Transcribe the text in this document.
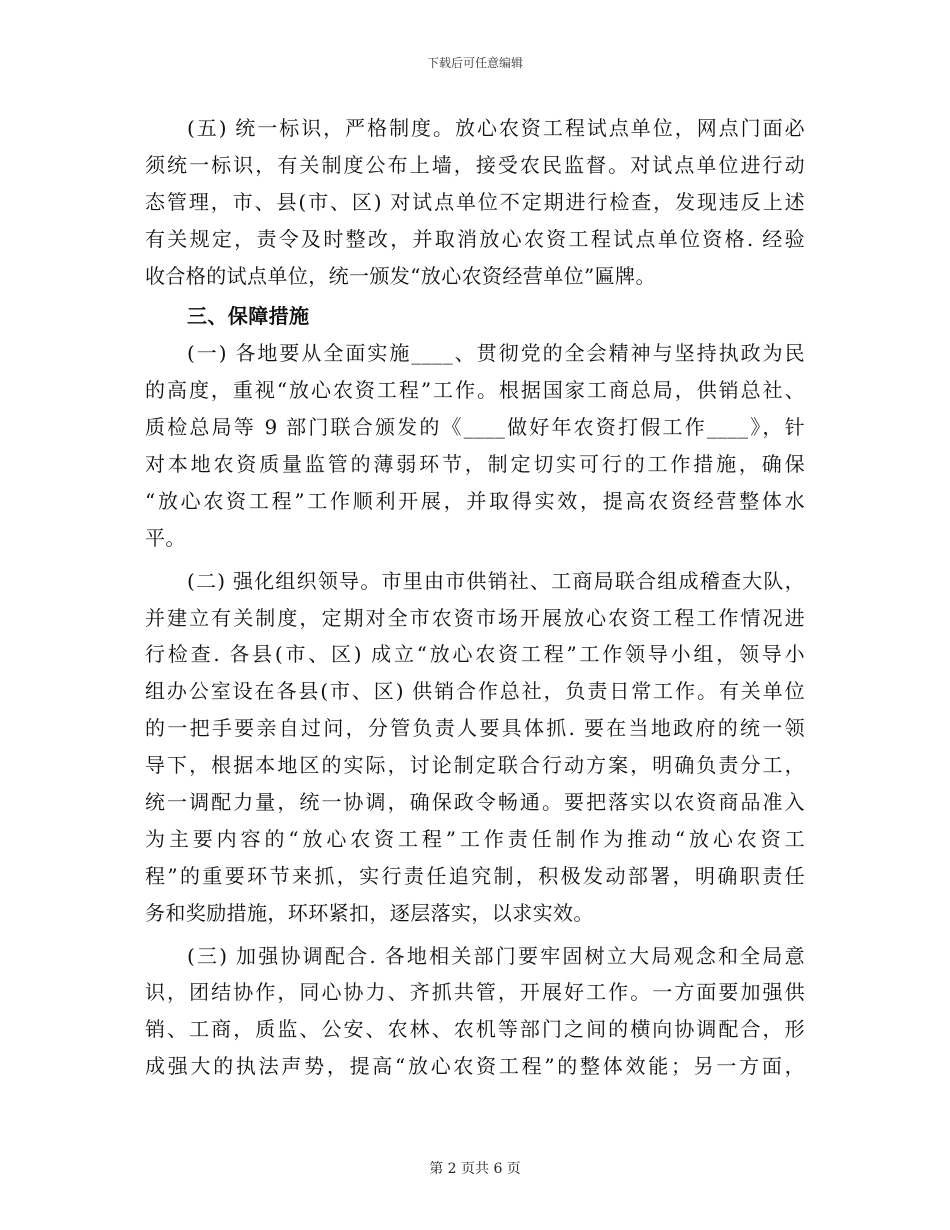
下载后可任意编辑
(五) 统一标识，严格制度。放心农资工程试点单位，网点门面必
须统一标识，有关制度公布上墙，接受农民监督。对试点单位进行动
态管理，市、县(市、区) 对试点单位不定期进行检查，发现违反上述
有关规定，责令及时整改，并取消放心农资工程试点单位资格. 经验
收合格的试点单位，统一颁发“放心农资经营单位”匾牌。
三、保障措施
(一) 各地要从全面实施____、贯彻党的全会精神与坚持执政为民
的高度，重视“放心农资工程”工作。根据国家工商总局，供销总社、
质检总局等 9 部门联合颁发的《____做好年农资打假工作____》，针
对本地农资质量监管的薄弱环节，制定切实可行的工作措施，确保
“放心农资工程”工作顺利开展，并取得实效，提高农资经营整体水
平。
(二) 强化组织领导。市里由市供销社、工商局联合组成稽查大队，
并建立有关制度，定期对全市农资市场开展放心农资工程工作情况进
行检查. 各县(市、区) 成立“放心农资工程”工作领导小组，领导小
组办公室设在各县(市、区) 供销合作总社，负责日常工作。有关单位
的一把手要亲自过问，分管负责人要具体抓. 要在当地政府的统一领
导下，根据本地区的实际，讨论制定联合行动方案，明确负责分工，
统一调配力量，统一协调，确保政令畅通。要把落实以农资商品准入
为主要内容的“放心农资工程”工作责任制作为推动“放心农资工
程”的重要环节来抓，实行责任追究制，积极发动部署，明确职责任
务和奖励措施，环环紧扣，逐层落实，以求实效。
(三) 加强协调配合. 各地相关部门要牢固树立大局观念和全局意
识，团结协作，同心协力、齐抓共管，开展好工作。一方面要加强供
销、工商，质监、公安、农林、农机等部门之间的横向协调配合，形
成强大的执法声势，提高“放心农资工程”的整体效能；另一方面，
第 2 页共 6 页
